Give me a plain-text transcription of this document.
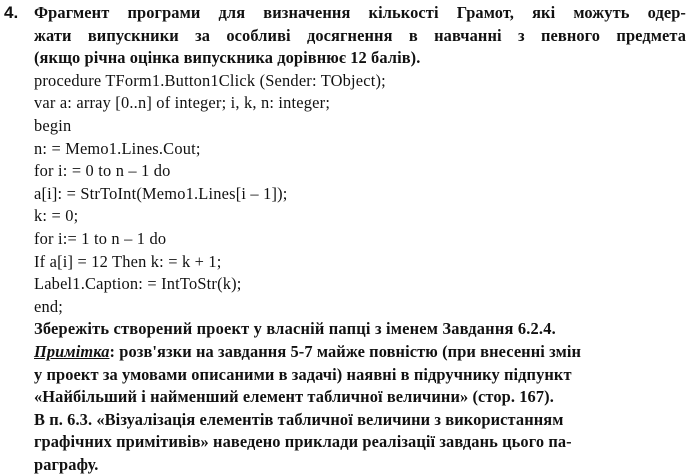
4. Фрагмент програми для визначення кількості Грамот, які можуть одер-
жати випускники за особливі досягнення в навчанні з певного предмета
(якщо річна оцінка випускника дорівнює 12 балів).
procedure TForm1.Button1Click (Sender: TObject);
var a: array [0..n] of integer; i, k, n: integer;
begin
n: = Memo1.Lines.Cout;
for i: = 0 to n – 1 do
a[i]: = StrToInt(Memo1.Lines[i – 1]);
k: = 0;
for i:= 1 to n – 1 do
If a[i] = 12 Then k: = k + 1;
Label1.Caption: = IntToStr(k);
end;
Збережіть створений проект у власній папці з іменем Завдання 6.2.4.
Примітка: розв'язки на завдання 5-7 майже повністю (при внесенні змін
у проект за умовами описаними в задачі) наявні в підручнику підпункт
«Найбільший і найменший елемент табличної величини» (стор. 167).
В п. 6.3. «Візуалізація елементів табличної величини з використанням
графічних примітивів» наведено приклади реалізації завдань цього па-
раграфу.
